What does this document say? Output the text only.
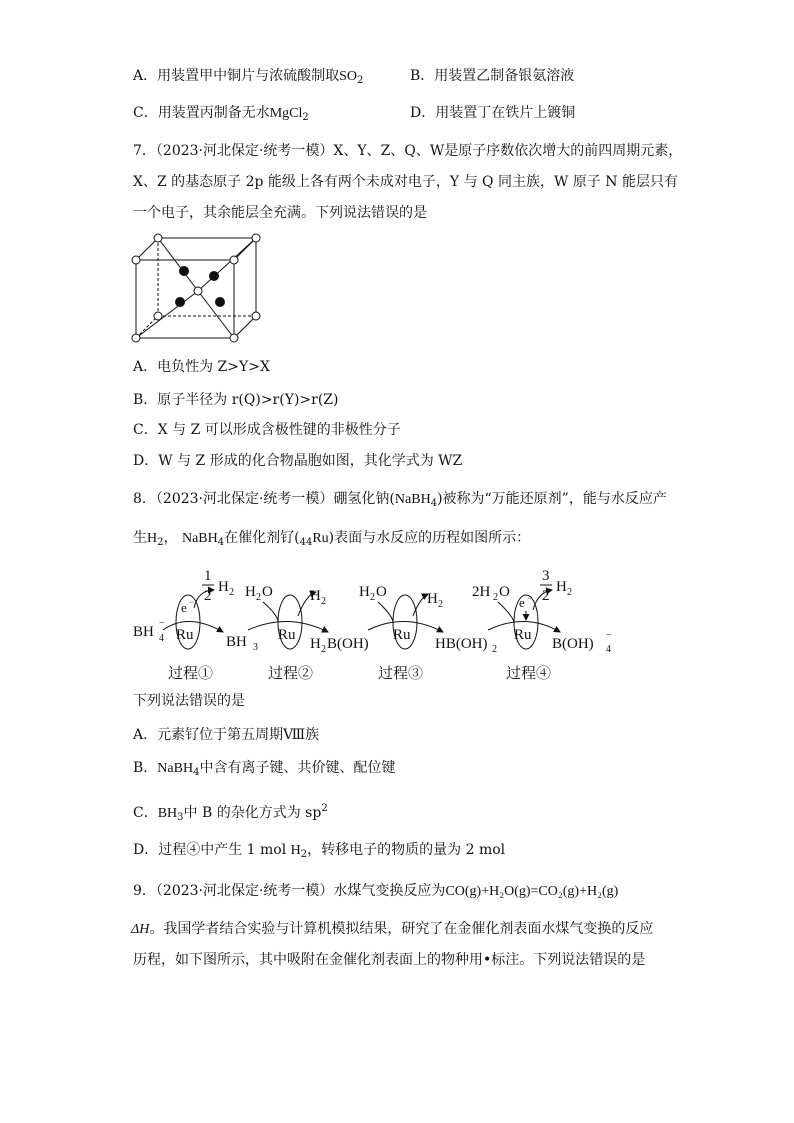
A．用装置甲中铜片与浓硫酸制取$SO_2$	B．用装置乙制备银氨溶液
C．用装置丙制备无水MgCl$_2$	D．用装置丁在铁片上镀铜
7．（2023·河北保定·统考一模）X、Y、Z、Q、W是原子序数依次增大的前四周期元素，
X、Z 的基态原子 2p 能级上各有两个未成对电子，Y 与 Q 同主族，W 原子 N 能层只有
一个电子，其余能层全充满。下列说法错误的是
A．电负性为 Z>Y>X
B．原子半径为 r(Q)>r(Y)>r(Z)
C．X 与 Z 可以形成含极性键的非极性分子
D．W 与 Z 形成的化合物晶胞如图，其化学式为 WZ
8．（2023·河北保定·统考一模）硼氢化钠(NaBH$_4$)被称为“万能还原剂”，能与水反应产
生$H_2$， NaBH$_4$在催化剂钌$(_{44}Ru)$表面与水反应的历程如图所示：
1
2
H 2
e −
Ru
BH 4
−
BH 3
过程①
H 2 O
Ru
H 2
H 2 B(OH)
过程②
H 2 O
Ru
H 2
HB(OH) 2
过程③
2H 2 O
3
2
H 2
e −
Ru
B(OH) 4
−
过程④
下列说法错误的是
A．元素钌位于第五周期Ⅷ族
B．NaBH$_4$中含有离子键、共价键、配位键
C．$BH_3$中 B 的杂化方式为 $sp^2$
D．过程④中产生 1 mol $H_2$，转移电子的物质的量为 2 mol
9．（2023·河北保定·统考一模）水煤气变换反应为CO(g)+H₂O(g)=CO₂(g)+H₂(g)
ΔH。我国学者结合实验与计算机模拟结果，研究了在金催化剂表面水煤气变换的反应
历程，如下图所示，其中吸附在金催化剂表面上的物种用•标注。下列说法错误的是
